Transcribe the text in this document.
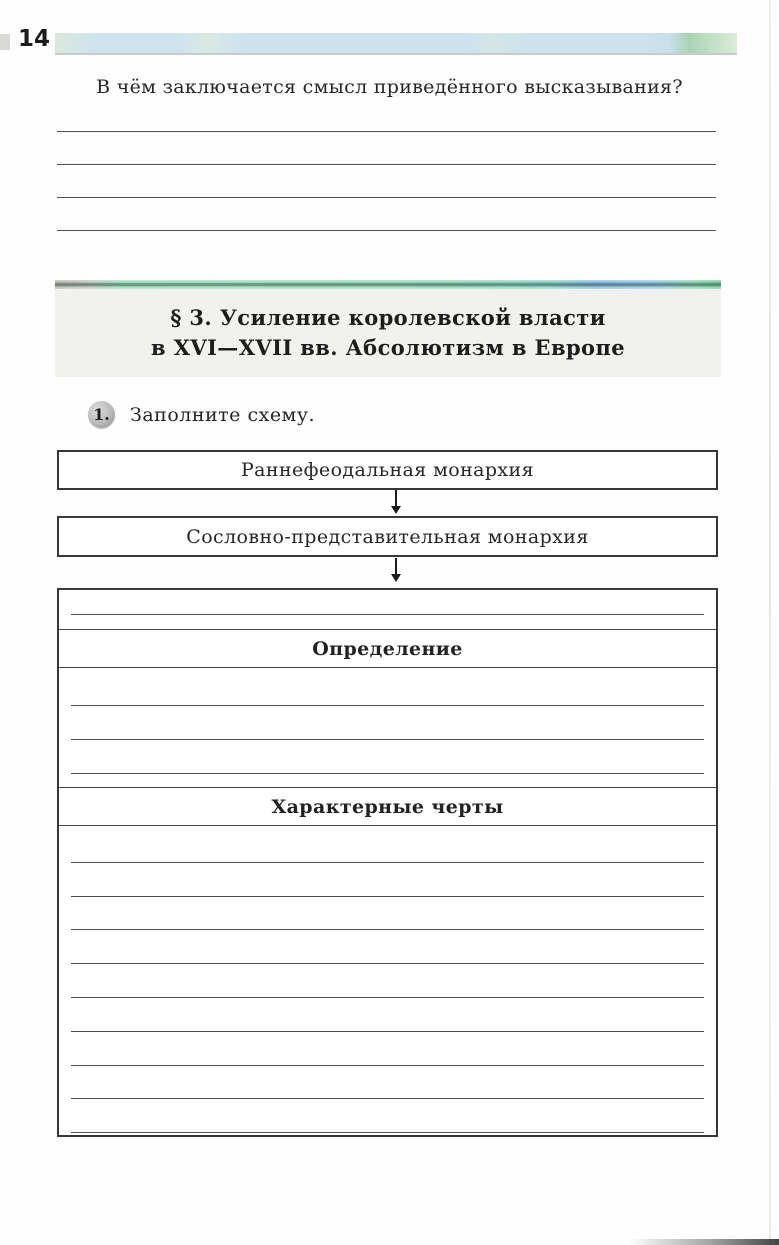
14
В чём заключается смысл приведённого высказывания?
§ 3. Усиление королевской власти
в XVI—XVII вв. Абсолютизм в Европе
1. Заполните схему.
Раннефеодальная монархия
Сословно-представительная монархия
Определение
Характерные черты
